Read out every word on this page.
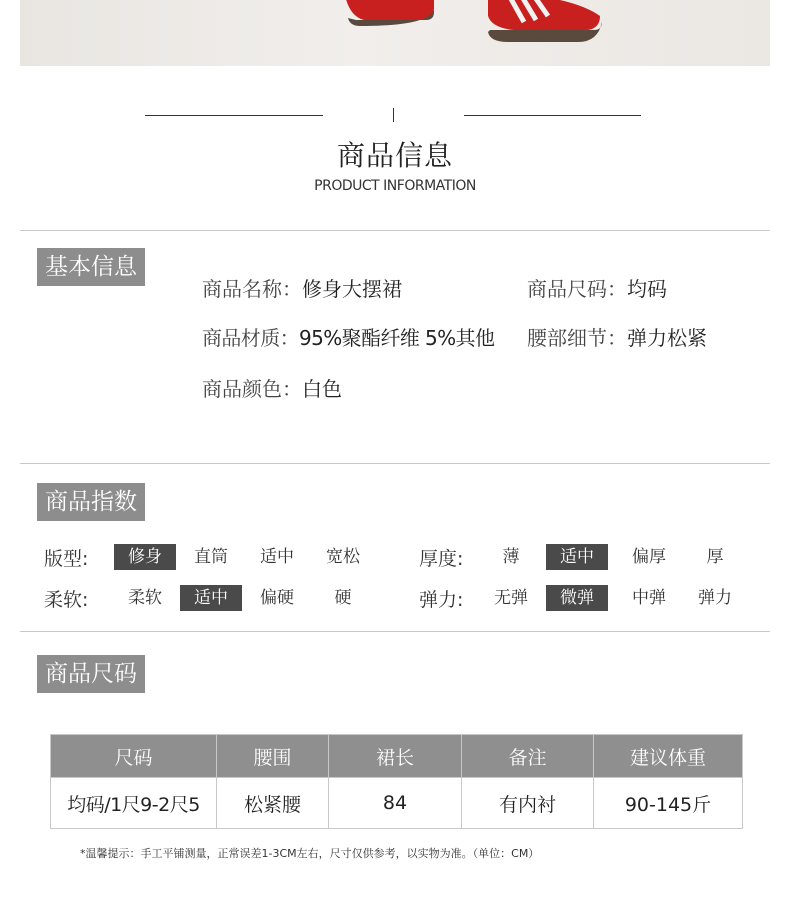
商品信息
PRODUCT INFORMATION
基本信息
商品名称：修身大摆裙	商品尺码：均码
商品材质：95%聚酯纤维 5%其他 腰部细节：弹力松紧
商品颜色：白色
商品指数
版型:	修身	直筒	适中	宽松	厚度:	薄	适中	偏厚	厚
柔软:	柔软	适中	偏硬	硬	弹力:	无弹	微弹	中弹	弹力
商品尺码
尺码	腰围	裙长	备注	建议体重
均码/1尺9-2尺5	松紧腰	84	有内衬	90-145斤
*温馨提示：手工平铺测量，正常误差1-3CM左右，尺寸仅供参考，以实物为准。（单位：CM）
